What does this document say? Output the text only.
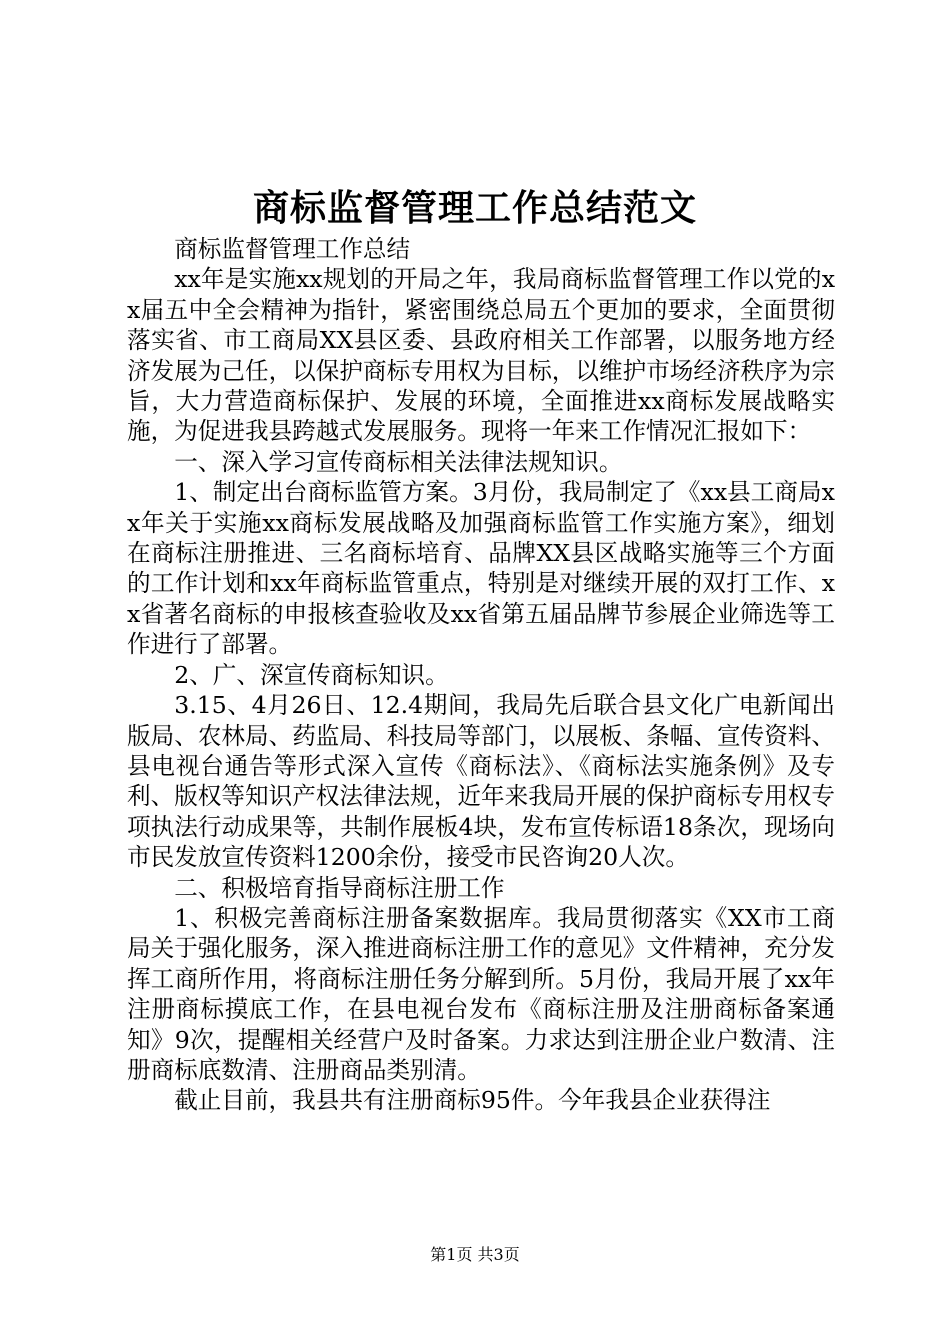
商标监督管理工作总结范文

商标监督管理工作总结

xx年是实施xx规划的开局之年，我局商标监督管理工作以党的xx届五中全会精神为指针，紧密围绕总局五个更加的要求，全面贯彻落实省、市工商局XX县区委、县政府相关工作部署，以服务地方经济发展为己任，以保护商标专用权为目标，以维护市场经济秩序为宗旨，大力营造商标保护、发展的环境，全面推进xx商标发展战略实施，为促进我县跨越式发展服务。现将一年来工作情况汇报如下：

一、深入学习宣传商标相关法律法规知识。

1、制定出台商标监管方案。3月份，我局制定了《xx县工商局xx年关于实施xx商标发展战略及加强商标监管工作实施方案》，细划在商标注册推进、三名商标培育、品牌XX县区战略实施等三个方面的工作计划和xx年商标监管重点，特别是对继续开展的双打工作、xx省著名商标的申报核查验收及xx省第五届品牌节参展企业筛选等工作进行了部署。

2、广、深宣传商标知识。

3.15、4月26日、12.4期间，我局先后联合县文化广电新闻出版局、农林局、药监局、科技局等部门，以展板、条幅、宣传资料、县电视台通告等形式深入宣传《商标法》、《商标法实施条例》及专利、版权等知识产权法律法规，近年来我局开展的保护商标专用权专项执法行动成果等，共制作展板4块，发布宣传标语18条次，现场向市民发放宣传资料1200余份，接受市民咨询20人次。

二、积极培育指导商标注册工作

1、积极完善商标注册备案数据库。我局贯彻落实《XX市工商局关于强化服务，深入推进商标注册工作的意见》文件精神，充分发挥工商所作用，将商标注册任务分解到所。5月份，我局开展了xx年注册商标摸底工作，在县电视台发布《商标注册及注册商标备案通知》9次，提醒相关经营户及时备案。力求达到注册企业户数清、注册商标底数清、注册商品类别清。

截止目前，我县共有注册商标95件。今年我县企业获得注

第1页 共3页
